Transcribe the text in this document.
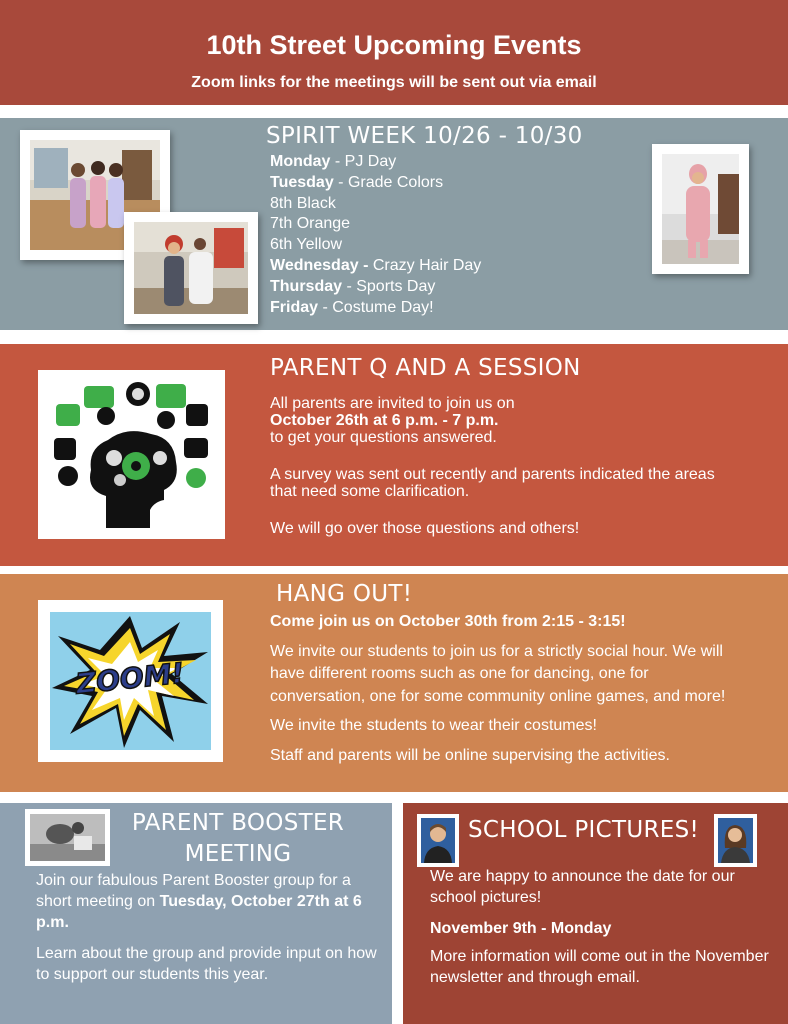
10th Street Upcoming Events
Zoom links for the meetings will be sent out via email
SPIRIT WEEK 10/26 - 10/30

Monday - PJ Day

Tuesday - Grade Colors

8th Black

7th Orange

6th Yellow

Wednesday - Crazy Hair Day

Thursday - Sports Day

Friday - Costume Day!

PARENT Q AND A SESSION

All parents are invited to join us on

October 26th at 6 p.m. - 7 p.m.

to get your questions answered.

A survey was sent out recently and parents indicated the areas that need some clarification.

We will go over those questions and others!

ZOOM!
HANG OUT!

Come join us on October 30th from 2:15 - 3:15!

We invite our students to join us for a strictly social hour. We will have different rooms such as one for dancing, one for conversation, one for some community online games, and more!

We invite the students to wear their costumes!

Staff and parents will be online supervising the activities.

PARENT BOOSTER
MEETING

Join our fabulous Parent Booster group for a short meeting on Tuesday, October 27th at 6 p.m.

Learn about the group and provide input on how to support our students this year.

SCHOOL PICTURES!

We are happy to announce the date for our school pictures!

November 9th - Monday

More information will come out in the November newsletter and through email.
